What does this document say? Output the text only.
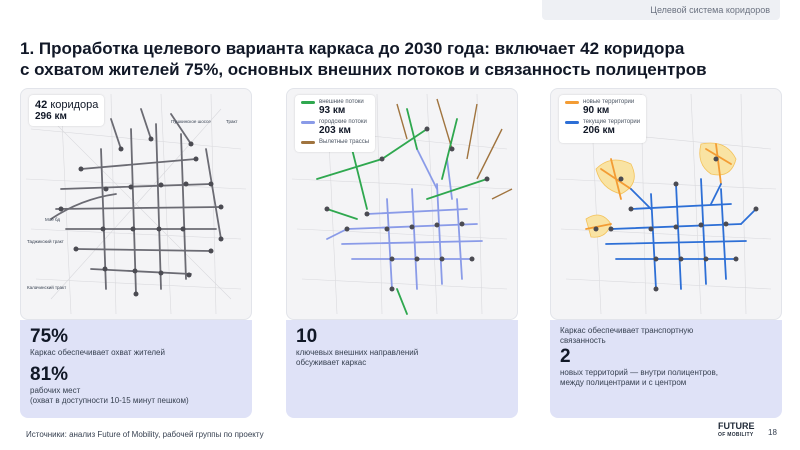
Целевой система коридоров
1. Проработка целевого варианта каркаса до 2030 года: включает 42 коридора
с охватом жителей 75%, основных внешних потоков и связанность полицентров
42 коридора
296 км
Моё бд
Пушкинское шоссе
Таджикский тракт
Калачинский тракт
Тракт
внешние потоки
93 км
городские потоки
203 км
Вылетные трассы
новые территории
90 км
текущие территории
206 км
75%
Каркас обеспечивает охват жителей
81%
рабочих мест
(охват в доступности 10-15 минут пешком)
10
ключевых внешних направлений
обсуживает каркас
Каркас обеспечивает транспортную
связанность
2
новых территорий — внутри полицентров,
между полицентрами и с центром
Источники: анализ Future of Mobility, рабочей группы по проекту
FUTURE
OF MOBILITY 18
